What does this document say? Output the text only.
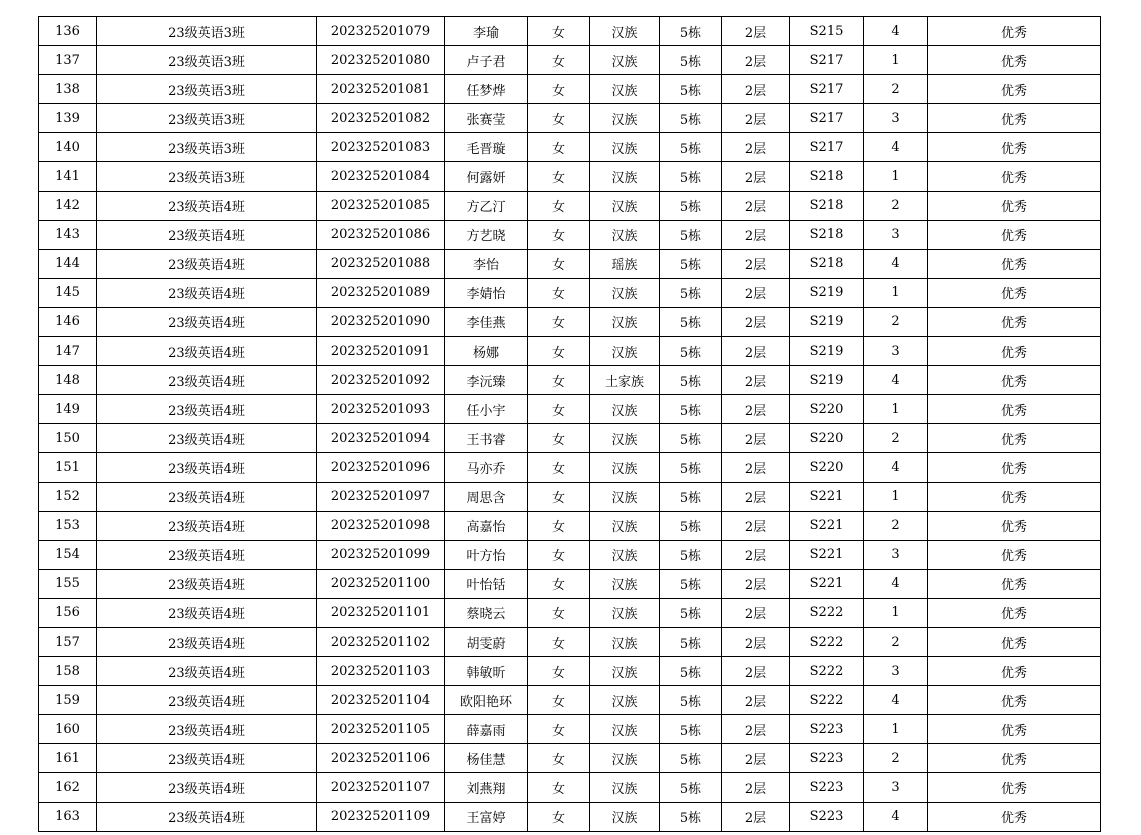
136	23级英语3班	202325201079	李瑜	女	汉族	5栋	2层	S215	4	优秀
137	23级英语3班	202325201080	卢子君	女	汉族	5栋	2层	S217	1	优秀
138	23级英语3班	202325201081	任梦烨	女	汉族	5栋	2层	S217	2	优秀
139	23级英语3班	202325201082	张赛莹	女	汉族	5栋	2层	S217	3	优秀
140	23级英语3班	202325201083	毛晋璇	女	汉族	5栋	2层	S217	4	优秀
141	23级英语3班	202325201084	何露妍	女	汉族	5栋	2层	S218	1	优秀
142	23级英语4班	202325201085	方乙汀	女	汉族	5栋	2层	S218	2	优秀
143	23级英语4班	202325201086	方艺晓	女	汉族	5栋	2层	S218	3	优秀
144	23级英语4班	202325201088	李怡	女	瑶族	5栋	2层	S218	4	优秀
145	23级英语4班	202325201089	李婧怡	女	汉族	5栋	2层	S219	1	优秀
146	23级英语4班	202325201090	李佳燕	女	汉族	5栋	2层	S219	2	优秀
147	23级英语4班	202325201091	杨娜	女	汉族	5栋	2层	S219	3	优秀
148	23级英语4班	202325201092	李沅臻	女	土家族	5栋	2层	S219	4	优秀
149	23级英语4班	202325201093	任小宇	女	汉族	5栋	2层	S220	1	优秀
150	23级英语4班	202325201094	王书睿	女	汉族	5栋	2层	S220	2	优秀
151	23级英语4班	202325201096	马亦乔	女	汉族	5栋	2层	S220	4	优秀
152	23级英语4班	202325201097	周思含	女	汉族	5栋	2层	S221	1	优秀
153	23级英语4班	202325201098	高嘉怡	女	汉族	5栋	2层	S221	2	优秀
154	23级英语4班	202325201099	叶方怡	女	汉族	5栋	2层	S221	3	优秀
155	23级英语4班	202325201100	叶怡铦	女	汉族	5栋	2层	S221	4	优秀
156	23级英语4班	202325201101	蔡晓云	女	汉族	5栋	2层	S222	1	优秀
157	23级英语4班	202325201102	胡雯蔚	女	汉族	5栋	2层	S222	2	优秀
158	23级英语4班	202325201103	韩敏昕	女	汉族	5栋	2层	S222	3	优秀
159	23级英语4班	202325201104	欧阳艳环	女	汉族	5栋	2层	S222	4	优秀
160	23级英语4班	202325201105	薛嘉雨	女	汉族	5栋	2层	S223	1	优秀
161	23级英语4班	202325201106	杨佳慧	女	汉族	5栋	2层	S223	2	优秀
162	23级英语4班	202325201107	刘燕翔	女	汉族	5栋	2层	S223	3	优秀
163	23级英语4班	202325201109	王富婷	女	汉族	5栋	2层	S223	4	优秀
